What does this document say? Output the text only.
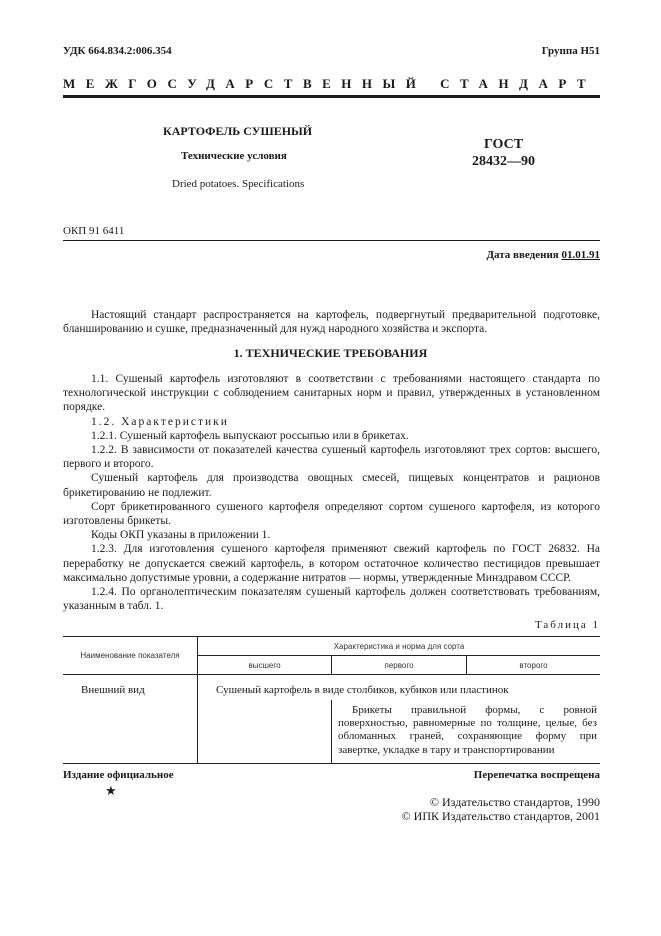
УДК 664.834.2:006.354	Группа Н51
МЕЖГОСУДАРСТВЕННЫЙ СТАНДАРТ
КАРТОФЕЛЬ СУШЕНЫЙ
Технические условия
Dried potatoes. Specifications
ГОСТ
28432—90
ОКП 91 6411
Дата введения 01.01.91
Настоящий стандарт распространяется на картофель, подвергнутый предварительной подготовке, бланшированию и сушке, предназначенный для нужд народного хозяйства и экспорта.
1. ТЕХНИЧЕСКИЕ ТРЕБОВАНИЯ
1.1. Сушеный картофель изготовляют в соответствии с требованиями настоящего стандарта по технологической инструкции с соблюдением санитарных норм и правил, утвержденных в установленном порядке.
1.2. Характеристики
1.2.1. Сушеный картофель выпускают россыпью или в брикетах.
1.2.2. В зависимости от показателей качества сушеный картофель изготовляют трех сортов: высшего, первого и второго.
Сушеный картофель для производства овощных смесей, пищевых концентратов и рационов брикетированию не подлежит.
Сорт брикетированного сушеного картофеля определяют сортом сушеного картофеля, из которого изготовлены брикеты.
Коды ОКП указаны в приложении 1.
1.2.3. Для изготовления сушеного картофеля применяют свежий картофель по ГОСТ 26832. На переработку не допускается свежий картофель, в котором остаточное количество пестицидов превышает максимально допустимые уровни, а содержание нитратов — нормы, утвержденные Минздравом СССР.
1.2.4. По органолептическим показателям сушеный картофель должен соответствовать требованиям, указанным в табл. 1.
Таблица 1
Наименование показателя	Характеристика и норма для сорта		
	высшего	первого	второго
Внешний вид	Сушеный картофель в виде столбиков, кубиков или пластинок		

		Брикеты правильной формы, с ровной поверхностью, равномерные по толщине, целые, без обломанных граней, сохраняющие форму при завертке, укладке в тару и транспортировании	
Издание официальное
★
Перепечатка воспрещена
© Издательство стандартов, 1990
© ИПК Издательство стандартов, 2001
